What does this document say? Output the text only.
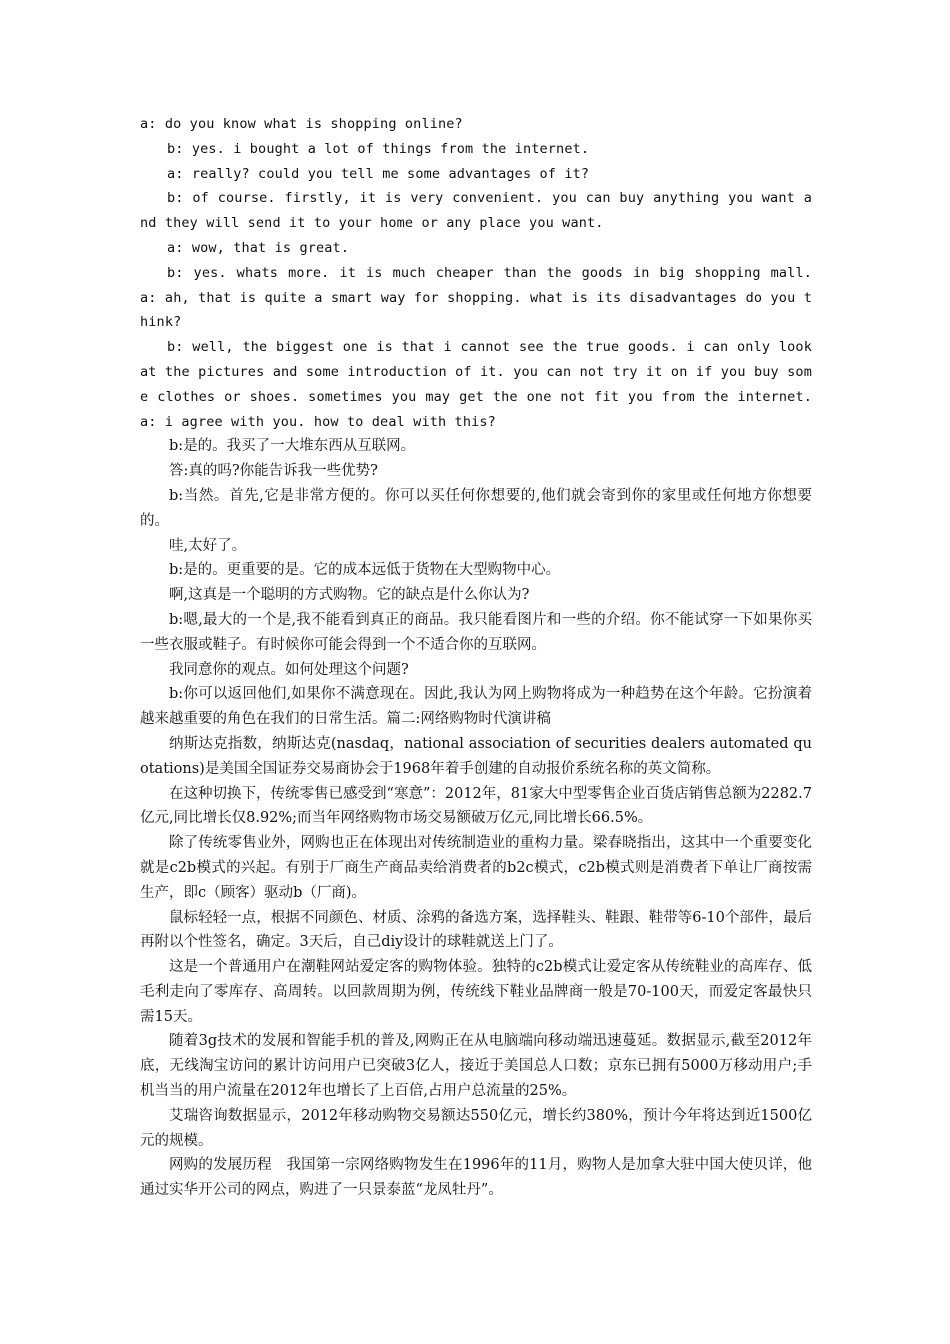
a: do you know what is shopping online?

b: yes. i bought a lot of things from the internet.

a: really? could you tell me some advantages of it?

b: of course. firstly, it is very convenient. you can buy anything you want and they will send it to your home or any place you want.

a: wow, that is great.

b: yes. whats more. it is much cheaper than the goods in big shopping mall. a: ah, that is quite a smart way for shopping. what is its disadvantages do you think?

b: well, the biggest one is that i cannot see the true goods. i can only look at the pictures and some introduction of it. you can not try it on if you buy some clothes or shoes. sometimes you may get the one not fit you from the internet. a: i agree with you. how to deal with this?

b:是的。我买了一大堆东西从互联网。

答:真的吗?你能告诉我一些优势?

b:当然。首先,它是非常方便的。你可以买任何你想要的,他们就会寄到你的家里或任何地方你想要的。

哇,太好了。

b:是的。更重要的是。它的成本远低于货物在大型购物中心。

啊,这真是一个聪明的方式购物。它的缺点是什么你认为?

b:嗯,最大的一个是,我不能看到真正的商品。我只能看图片和一些的介绍。你不能试穿一下如果你买一些衣服或鞋子。有时候你可能会得到一个不适合你的互联网。

我同意你的观点。如何处理这个问题?

b:你可以返回他们,如果你不满意现在。因此,我认为网上购物将成为一种趋势在这个年龄。它扮演着越来越重要的角色在我们的日常生活。篇二:网络购物时代演讲稿

纳斯达克指数，纳斯达克(nasdaq，national association of securities dealers automated quotations)是美国全国证券交易商协会于1968年着手创建的自动报价系统名称的英文简称。

在这种切换下，传统零售已感受到“寒意”：2012年，81家大中型零售企业百货店销售总额为2282.7亿元,同比增长仅8.92%;而当年网络购物市场交易额破万亿元,同比增长66.5%。

除了传统零售业外，网购也正在体现出对传统制造业的重构力量。梁春晓指出，这其中一个重要变化就是c2b模式的兴起。有别于厂商生产商品卖给消费者的b2c模式，c2b模式则是消费者下单让厂商按需生产，即c（顾客）驱动b（厂商)。

鼠标轻轻一点，根据不同颜色、材质、涂鸦的备选方案，选择鞋头、鞋跟、鞋带等6-10个部件，最后再附以个性签名，确定。3天后，自己diy设计的球鞋就送上门了。

这是一个普通用户在潮鞋网站爱定客的购物体验。独特的c2b模式让爱定客从传统鞋业的高库存、低毛利走向了零库存、高周转。以回款周期为例，传统线下鞋业品牌商一般是70-100天，而爱定客最快只需15天。

随着3g技术的发展和智能手机的普及,网购正在从电脑端向移动端迅速蔓延。数据显示,截至2012年底，无线淘宝访问的累计访问用户已突破3亿人，接近于美国总人口数；京东已拥有5000万移动用户;手机当当的用户流量在2012年也增长了上百倍,占用户总流量的25%。

艾瑞咨询数据显示，2012年移动购物交易额达550亿元，增长约380%，预计今年将达到近1500亿元的规模。

网购的发展历程　我国第一宗网络购物发生在1996年的11月，购物人是加拿大驻中国大使贝详，他通过实华开公司的网点，购进了一只景泰蓝“龙凤牡丹”。
